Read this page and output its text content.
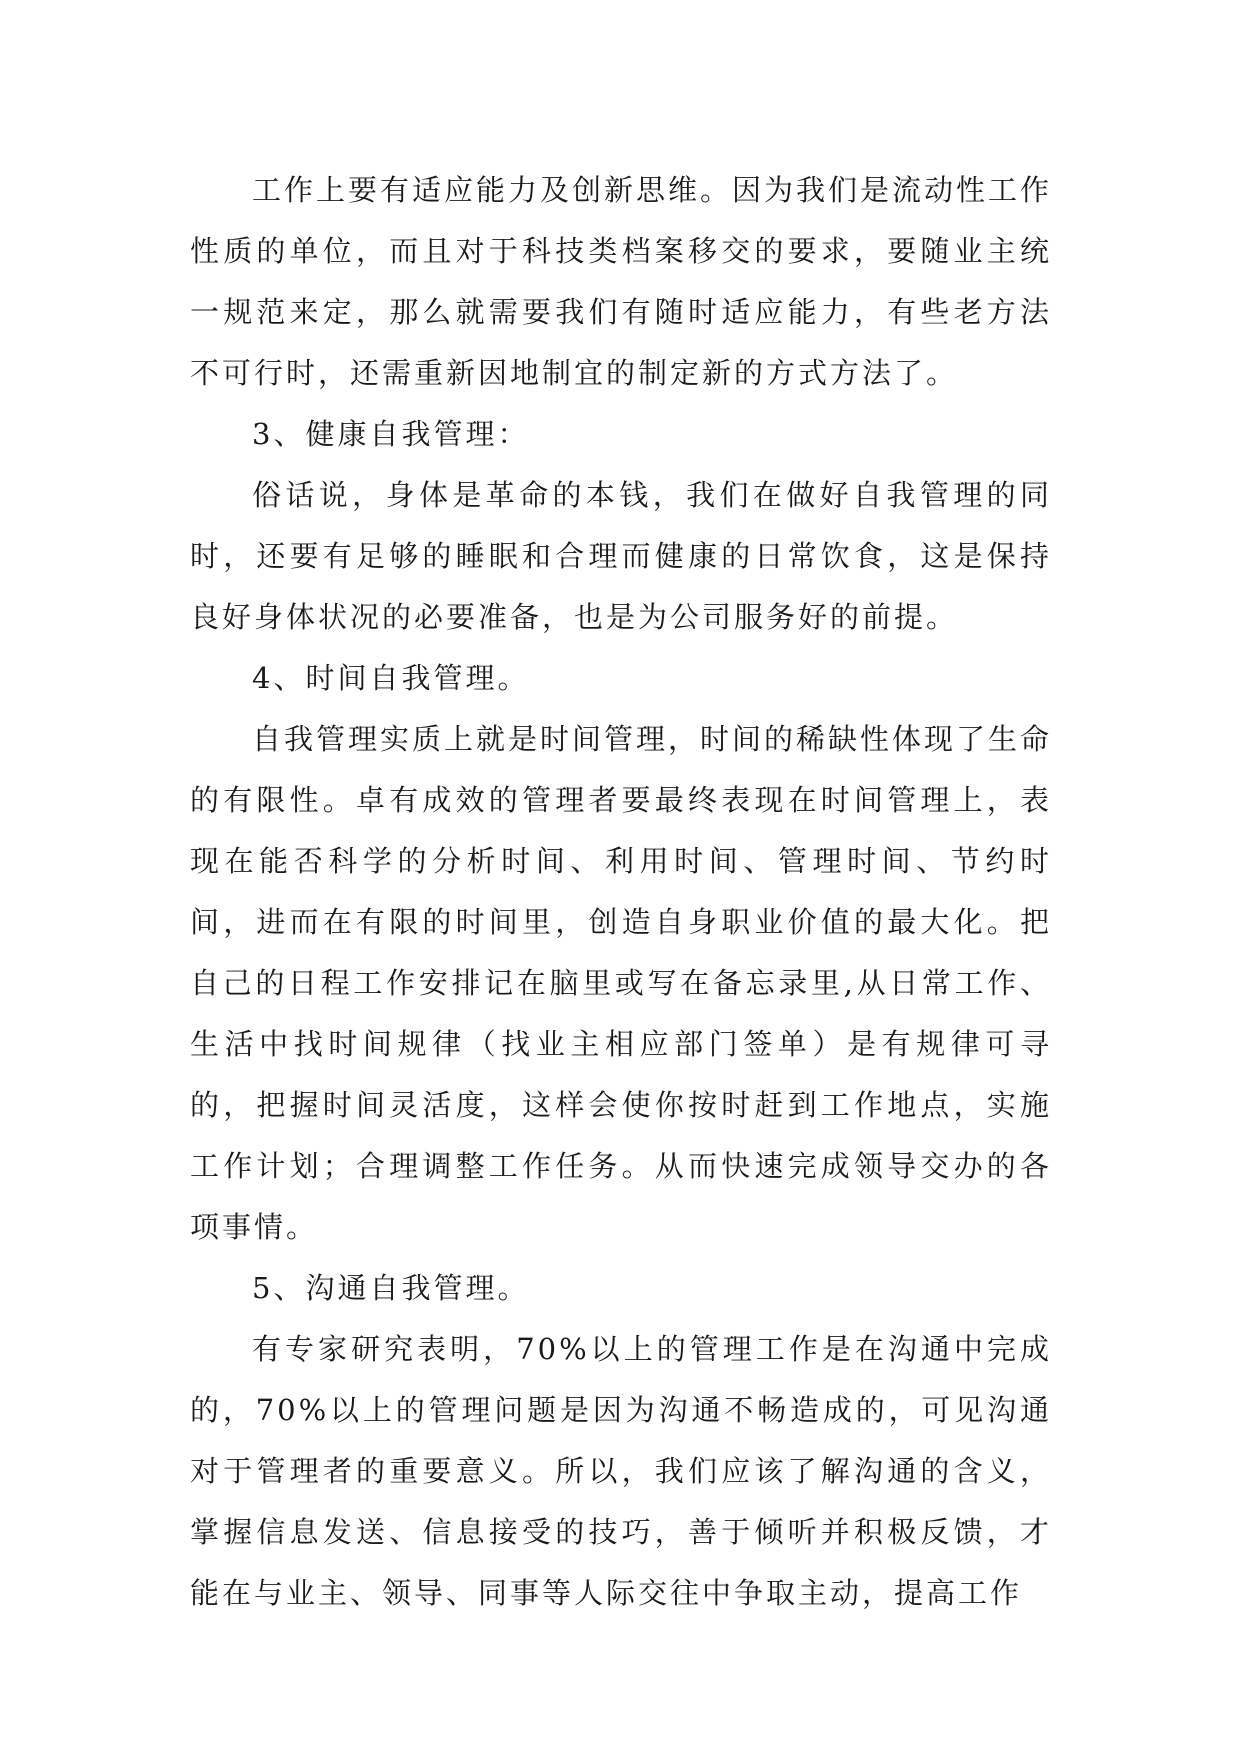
工作上要有适应能力及创新思维。因为我们是流动性工作性质的单位，而且对于科技类档案移交的要求，要随业主统一规范来定，那么就需要我们有随时适应能力，有些老方法不可行时，还需重新因地制宜的制定新的方式方法了。

3、健康自我管理：

俗话说，身体是革命的本钱，我们在做好自我管理的同时，还要有足够的睡眠和合理而健康的日常饮食，这是保持良好身体状况的必要准备，也是为公司服务好的前提。

4、时间自我管理。

自我管理实质上就是时间管理，时间的稀缺性体现了生命的有限性。卓有成效的管理者要最终表现在时间管理上，表现在能否科学的分析时间、利用时间、管理时间、节约时间，进而在有限的时间里，创造自身职业价值的最大化。把自己的日程工作安排记在脑里或写在备忘录里,从日常工作、生活中找时间规律（找业主相应部门签单）是有规律可寻的，把握时间灵活度，这样会使你按时赶到工作地点，实施工作计划；合理调整工作任务。从而快速完成领导交办的各项事情。

5、沟通自我管理。

有专家研究表明，70%以上的管理工作是在沟通中完成的，70%以上的管理问题是因为沟通不畅造成的，可见沟通对于管理者的重要意义。所以，我们应该了解沟通的含义，掌握信息发送、信息接受的技巧，善于倾听并积极反馈，才能在与业主、领导、同事等人际交往中争取主动，提高工作
